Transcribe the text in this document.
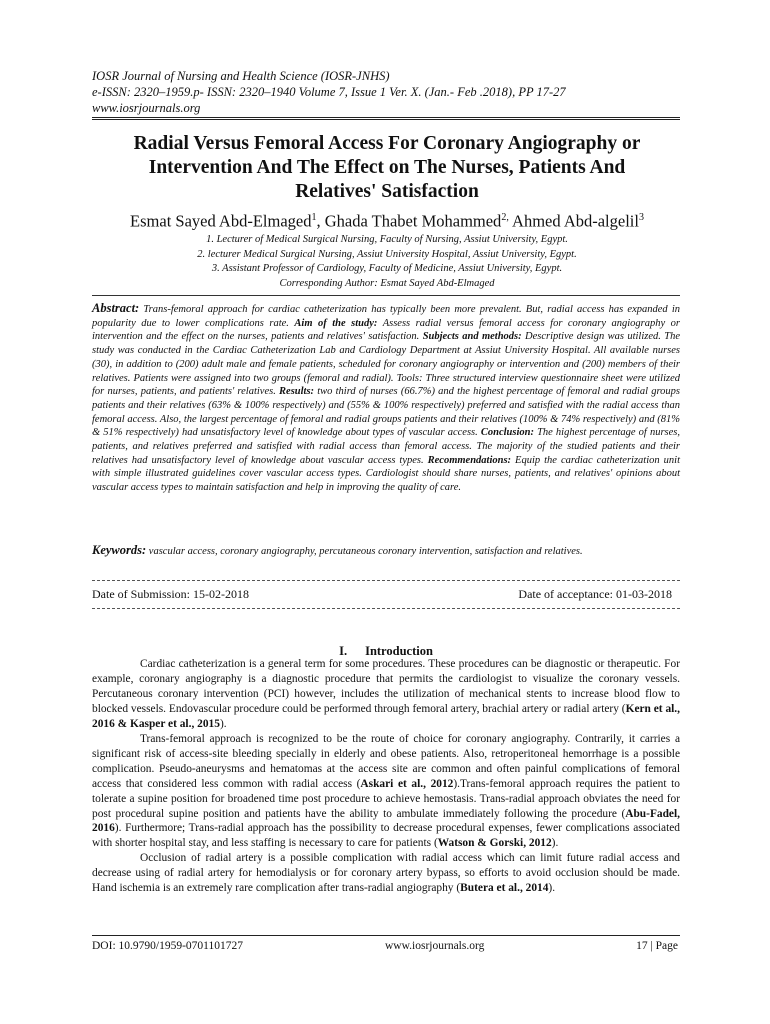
IOSR Journal of Nursing and Health Science (IOSR-JNHS)
e-ISSN: 2320–1959.p- ISSN: 2320–1940 Volume 7, Issue 1 Ver. X. (Jan.- Feb .2018), PP 17-27
www.iosrjournals.org
Radial Versus Femoral Access For Coronary Angiography or
Intervention And The Effect on The Nurses, Patients And
Relatives' Satisfaction
Esmat Sayed Abd-Elmaged$^1$, Ghada Thabet Mohammed$^{2,}$ Ahmed Abd-algelil$^3$
1. Lecturer of Medical Surgical Nursing, Faculty of Nursing, Assiut University, Egypt.
2. lecturer Medical Surgical Nursing, Assiut University Hospital, Assiut University, Egypt.
3. Assistant Professor of Cardiology, Faculty of Medicine, Assiut University, Egypt.
Corresponding Author: Esmat Sayed Abd-Elmaged
Abstract: Trans-femoral approach for cardiac catheterization has typically been more prevalent. But, radial access has expanded in popularity due to lower complications rate. Aim of the study: Assess radial versus femoral access for coronary angiography or intervention and the effect on the nurses, patients and relatives' satisfaction. Subjects and methods: Descriptive design was utilized. The study was conducted in the Cardiac Catheterization Lab and Cardiology Department at Assiut University Hospital. All available nurses (30), in addition to (200) adult male and female patients, scheduled for coronary angiography or intervention and (200) members of their relatives. Patients were assigned into two groups (femoral and radial). Tools: Three structured interview questionnaire sheet were utilized for nurses, patients, and patients' relatives. Results: two third of nurses (66.7%) and the highest percentage of femoral and radial groups patients and their relatives (63% & 100% respectively) and (55% & 100% respectively) preferred and satisfied with the radial access than femoral access. Also, the largest percentage of femoral and radial groups patients and their relatives (100% & 74% respectively) and (81% & 51% respectively) had unsatisfactory level of knowledge about types of vascular access. Conclusion: The highest percentage of nurses, patients, and relatives preferred and satisfied with radial access than femoral access. The majority of the studied patients and their relatives had unsatisfactory level of knowledge about vascular access types. Recommendations: Equip the cardiac catheterization unit with simple illustrated guidelines cover vascular access types. Cardiologist should share nurses, patients, and relatives' opinions about vascular access types to maintain satisfaction and help in improving the quality of care.
Keywords: vascular access, coronary angiography, percutaneous coronary intervention, satisfaction and relatives.
Date of Submission: 15-02-2018	Date of acceptance: 01-03-2018
I. Introduction

Cardiac catheterization is a general term for some procedures. These procedures can be diagnostic or therapeutic. For example, coronary angiography is a diagnostic procedure that permits the cardiologist to visualize the coronary vessels. Percutaneous coronary intervention (PCI) however, includes the utilization of mechanical stents to increase blood flow to blocked vessels. Endovascular procedure could be performed through femoral artery, brachial artery or radial artery (Kern et al., 2016 & Kasper et al., 2015).

Trans-femoral approach is recognized to be the route of choice for coronary angiography. Contrarily, it carries a significant risk of access-site bleeding specially in elderly and obese patients. Also, retroperitoneal hemorrhage is a possible complication. Pseudo-aneurysms and hematomas at the access site are common and often painful complications of femoral access that considered less common with radial access (Askari et al., 2012).Trans-femoral approach requires the patient to tolerate a supine position for broadened time post procedure to achieve hemostasis. Trans-radial approach obviates the need for post procedural supine position and patients have the ability to ambulate immediately following the procedure (Abu-Fadel, 2016). Furthermore; Trans-radial approach has the possibility to decrease procedural expenses, fewer complications associated with shorter hospital stay, and less staffing is necessary to care for patients (Watson & Gorski, 2012).

Occlusion of radial artery is a possible complication with radial access which can limit future radial access and decrease using of radial artery for hemodialysis or for coronary artery bypass, so efforts to avoid occlusion should be made. Hand ischemia is an extremely rare complication after trans-radial angiography (Butera et al., 2014).

DOI: 10.9790/1959-0701101727	www.iosrjournals.org	17 | Page
